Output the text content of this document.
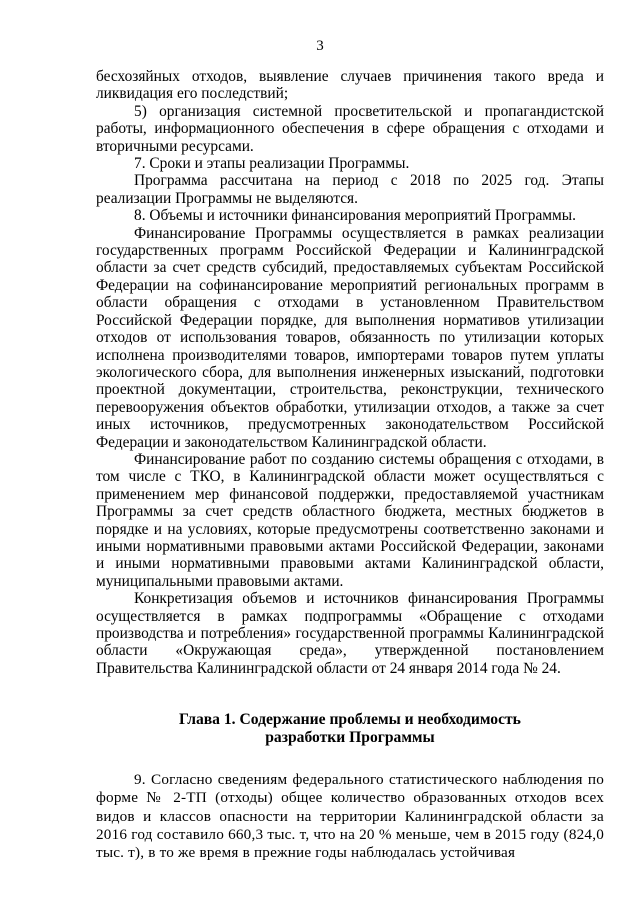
3

бесхозяйных отходов, выявление случаев причинения такого вреда и ликвидация его последствий;

5) организация системной просветительской и пропагандистской работы, информационного обеспечения в сфере обращения с отходами и вторичными ресурсами.

7. Сроки и этапы реализации Программы.

Программа рассчитана на период с 2018 по 2025 год. Этапы реализации Программы не выделяются.

8. Объемы и источники финансирования мероприятий Программы.

Финансирование Программы осуществляется в рамках реализации государственных программ Российской Федерации и Калининградской области за счет средств субсидий, предоставляемых субъектам Российской Федерации на софинансирование мероприятий региональных программ в области обращения с отходами в установленном Правительством Российской Федерации порядке, для выполнения нормативов утилизации отходов от использования товаров, обязанность по утилизации которых исполнена производителями товаров, импортерами товаров путем уплаты экологического сбора, для выполнения инженерных изысканий, подготовки проектной документации, строительства, реконструкции, технического перевооружения объектов обработки, утилизации отходов, а также за счет иных источников, предусмотренных законодательством Российской Федерации и законодательством Калининградской области.

Финансирование работ по созданию системы обращения с отходами, в том числе с ТКО, в Калининградской области может осуществляться с применением мер финансовой поддержки, предоставляемой участникам Программы за счет средств областного бюджета, местных бюджетов в порядке и на условиях, которые предусмотрены соответственно законами и иными нормативными правовыми актами Российской Федерации, законами и иными нормативными правовыми актами Калининградской области, муниципальными правовыми актами.

Конкретизация объемов и источников финансирования Программы осуществляется в рамках подпрограммы «Обращение с отходами производства и потребления» государственной программы Калининградской области «Окружающая среда», утвержденной постановлением Правительства Калининградской области от 24 января 2014 года № 24.

Глава 1. Содержание проблемы и необходимость
разработки Программы

9. Согласно сведениям федерального статистического наблюдения по форме № 2-ТП (отходы) общее количество образованных отходов всех видов и классов опасности на территории Калининградской области за 2016 год составило 660,3 тыс. т, что на 20 % меньше, чем в 2015 году (824,0 тыс. т), в то же время в прежние годы наблюдалась устойчивая
